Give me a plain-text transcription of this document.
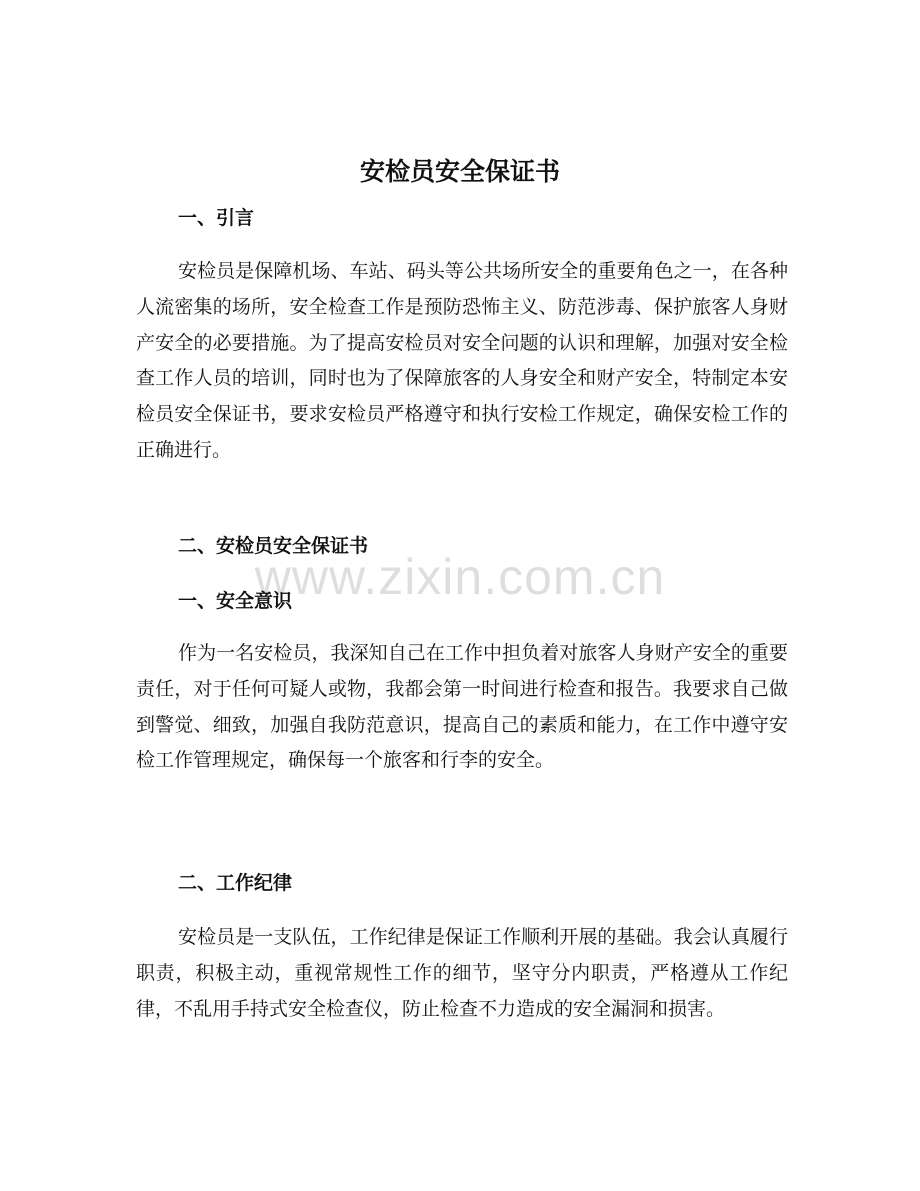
安检员安全保证书
一、引言

安检员是保障机场、车站、码头等公共场所安全的重要角色之一，在各种人流密集的场所，安全检查工作是预防恐怖主义、防范涉毒、保护旅客人身财产安全的必要措施。为了提高安检员对安全问题的认识和理解，加强对安全检查工作人员的培训，同时也为了保障旅客的人身安全和财产安全，特制定本安检员安全保证书，要求安检员严格遵守和执行安检工作规定，确保安检工作的正确进行。

二、安检员安全保证书
www.zixin.com.cn
一、安全意识

作为一名安检员，我深知自己在工作中担负着对旅客人身财产安全的重要责任，对于任何可疑人或物，我都会第一时间进行检查和报告。我要求自己做到警觉、细致，加强自我防范意识，提高自己的素质和能力，在工作中遵守安检工作管理规定，确保每一个旅客和行李的安全。

二、工作纪律

安检员是一支队伍，工作纪律是保证工作顺利开展的基础。我会认真履行职责，积极主动，重视常规性工作的细节，坚守分内职责，严格遵从工作纪律，不乱用手持式安全检查仪，防止检查不力造成的安全漏洞和损害。
